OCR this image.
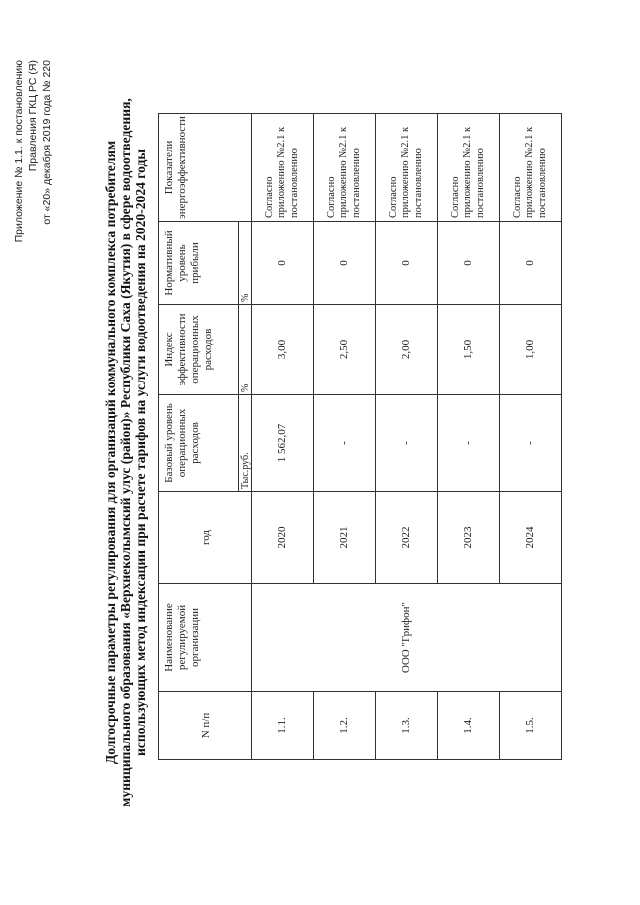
Приложение № 1.1. к постановлению Правления ГКЦ РС (Я) от «20» декабря 2019 года № 220	Долгосрочные параметры регулирования для организаций коммунального комплекса потребителям муниципального образования «Верхнеколымский улус (район)» Республики Саха (Якутия) в сфере водоотведения, использующих метод индексации при расчете тарифов на услуги водоотведения на 2020-2024 годы	N п/п	Наименование регулируемой организации	год	Базовый уровень операционных расходов	Индекс эффективности операционных расходов	Нормативный уровень прибыли	Показатели энергоэффективности
			Тыс.руб.	%	%	
1.1.	ООО "Грифон"	2020	1 562,07	3,00	0	Согласно приложению №2.1 к постановлению
1.2.		2021	-	2,50	0	Согласно приложению №2.1 к постановлению
1.3.		2022	-	2,00	0	Согласно приложению №2.1 к постановлению
1.4.		2023	-	1,50	0	Согласно приложению №2.1 к постановлению
1.5.		2024	-	1,00	0	Согласно приложению №2.1 к постановлению
